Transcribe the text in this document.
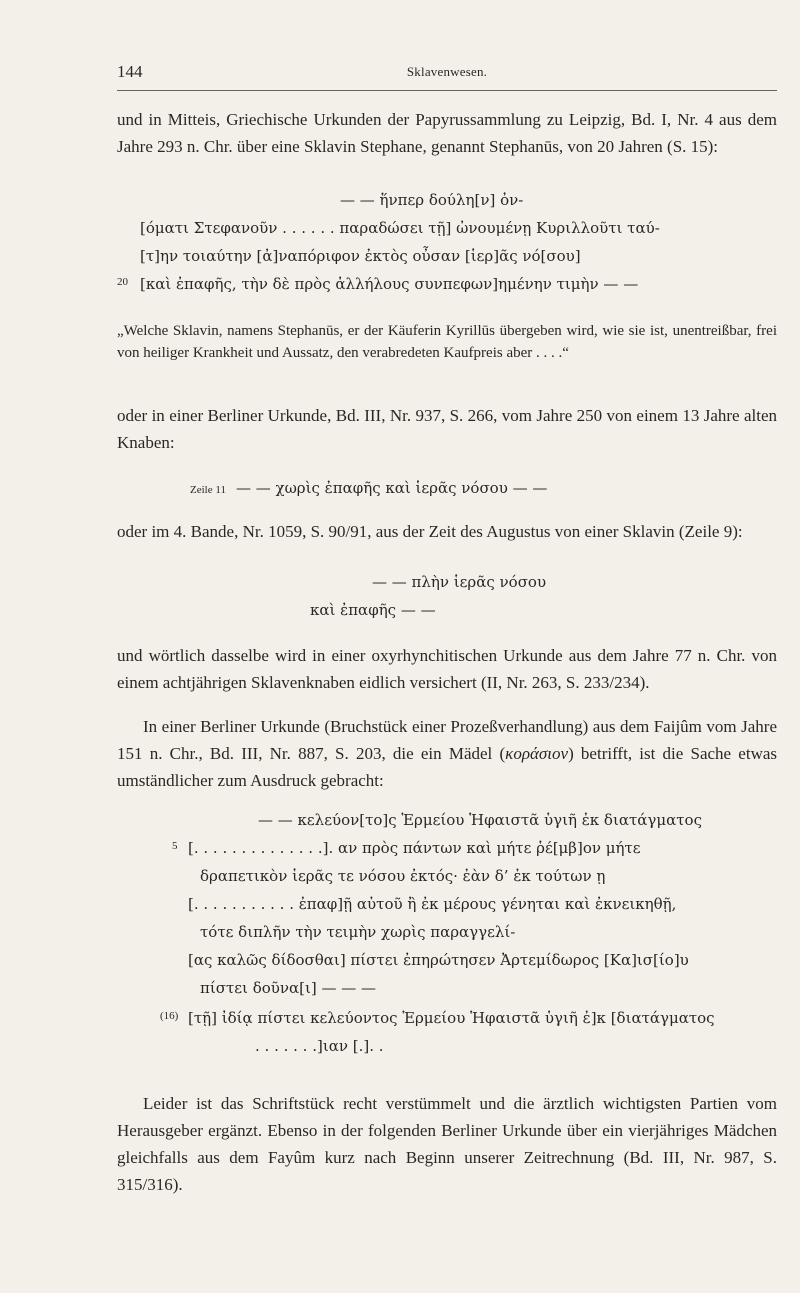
144	Sklavenwesen.
und in Mitteis, Griechische Urkunden der Papyrussammlung zu Leipzig, Bd. I, Nr. 4 aus dem Jahre 293 n. Chr. über eine Sklavin Stephane, genannt Stephanūs, von 20 Jahren (S. 15):
— — ἥνπερ δούλη[ν] ὀν-
[όματι Στεφανοῦν . . . . . . παραδώσει τῇ] ὠνουμένῃ Κυριλλοῦτι ταύ-
[τ]ην τοιαύτην [ἀ]ναπόριφον ἐκτὸς οὖσαν [ἱερ]ᾶς νό[σου]
20 [καὶ ἐπαφῆς, τὴν δὲ πρὸς ἀλλήλους συνπεφων]ημένην τιμὴν — —
„Welche Sklavin, namens Stephanūs, er der Käuferin Kyrillūs übergeben wird, wie sie ist, unentreißbar, frei von heiliger Krankheit und Aussatz, den verabredeten Kaufpreis aber . . . .“
oder in einer Berliner Urkunde, Bd. III, Nr. 937, S. 266, vom Jahre 250 von einem 13 Jahre alten Knaben:
Zeile 11 — — χωρὶς ἐπαφῆς καὶ ἱερᾶς νόσου — —
oder im 4. Bande, Nr. 1059, S. 90/91, aus der Zeit des Augustus von einer Sklavin (Zeile 9):
— — πλὴν ἱερᾶς νόσου
καὶ ἐπαφῆς — —
und wörtlich dasselbe wird in einer oxyrhynchitischen Urkunde aus dem Jahre 77 n. Chr. von einem achtjährigen Sklavenknaben eidlich versichert (II, Nr. 263, S. 233/234).
In einer Berliner Urkunde (Bruchstück einer Prozeßverhandlung) aus dem Faijûm vom Jahre 151 n. Chr., Bd. III, Nr. 887, S. 203, die ein Mädel (κοράσιον) betrifft, ist die Sache etwas umständlicher zum Ausdruck gebracht:
— — κελεύον[το]ς Ἑρμείου Ἡφαιστᾶ ὑγιῆ ἐκ διατάγματος
5 [. . . . . . . . . . . . . .]. αν πρὸς πάντων καὶ μήτε ῥέ[μβ]ον μήτε
δραπετικὸν ἱερᾶς τε νόσου ἐκτός· ἐὰν δ’ ἐκ τούτων ῃ
[. . . . . . . . . . . ἐπαφ]ῇ αὐτοῦ ἢ ἐκ μέρους γένηται καὶ ἐκνεικηθῇ,
τότε διπλῆν τὴν τειμὴν χωρὶς παραγγελί-
[ας καλῶς δίδοσθαι] πίστει ἐπηρώτησεν Ἀρτεμίδωρος [Κα]ισ[ίο]υ
πίστει δοῦνα[ι] — — —
(16) [τῇ] ἰδίᾳ πίστει κελεύοντος Ἑρμείου Ἡφαιστᾶ ὑγιῆ ἐ]κ [διατάγματος
. . . . . . .]ιαν [.]. .
Leider ist das Schriftstück recht verstümmelt und die ärztlich wichtigsten Partien vom Herausgeber ergänzt. Ebenso in der folgenden Berliner Urkunde über ein vierjähriges Mädchen gleichfalls aus dem Fayûm kurz nach Beginn unserer Zeitrechnung (Bd. III, Nr. 987, S. 315/316).
